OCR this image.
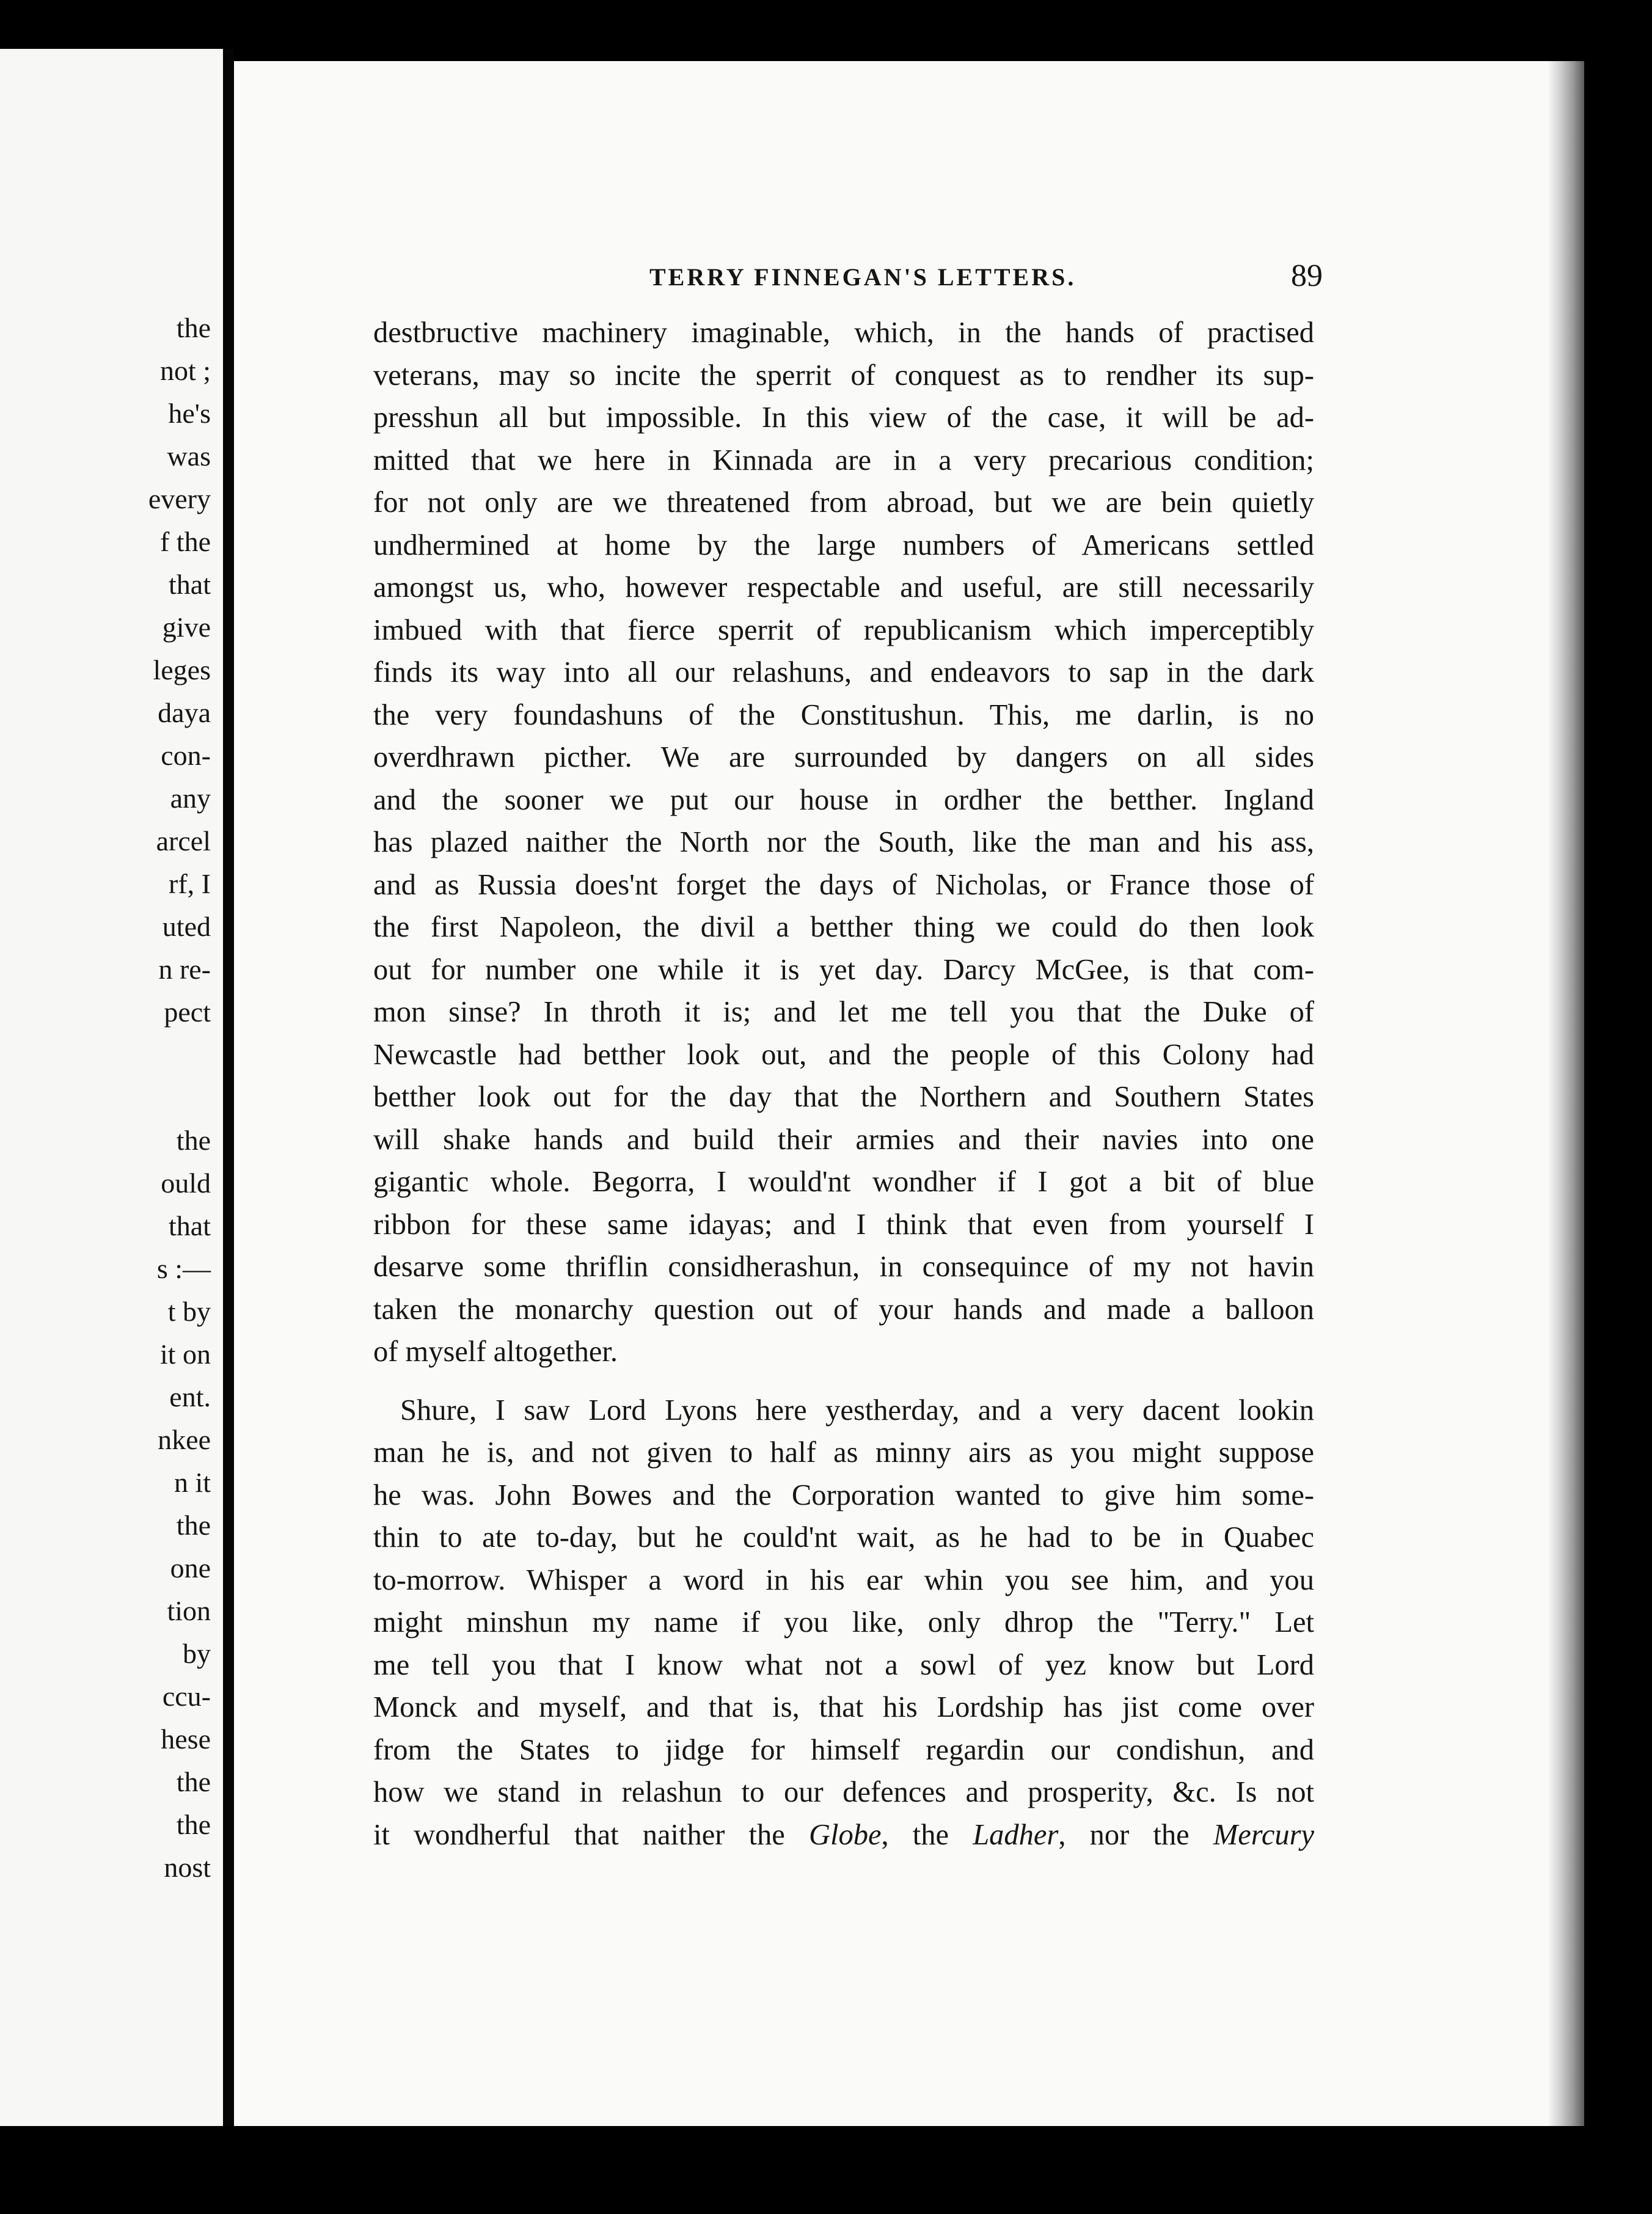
the
not ;
he's
was
every
f the
that
give
leges
daya
con-
any
arcel
rf, I
uted
n re-
pect
the
ould
that
s :—
t by
it on
ent.
nkee
n it
the
one
tion
by
ccu-
hese
the
the
nost
TERRY FINNEGAN'S LETTERS.	89

destbructive machinery imaginable, which, in the hands of practised
veterans, may so incite the sperrit of conquest as to rendher its sup-
presshun all but impossible. In this view of the case, it will be ad-
mitted that we here in Kinnada are in a very precarious condition;
for not only are we threatened from abroad, but we are bein quietly
undhermined at home by the large numbers of Americans settled
amongst us, who, however respectable and useful, are still necessarily
imbued with that fierce sperrit of republicanism which imperceptibly
finds its way into all our relashuns, and endeavors to sap in the dark
the very foundashuns of the Constitushun. This, me darlin, is no
overdhrawn picther. We are surrounded by dangers on all sides
and the sooner we put our house in ordher the betther. Ingland
has plazed naither the North nor the South, like the man and his ass,
and as Russia does'nt forget the days of Nicholas, or France those of
the first Napoleon, the divil a betther thing we could do then look
out for number one while it is yet day. Darcy McGee, is that com-
mon sinse? In throth it is; and let me tell you that the Duke of
Newcastle had betther look out, and the people of this Colony had
betther look out for the day that the Northern and Southern States
will shake hands and build their armies and their navies into one
gigantic whole. Begorra, I would'nt wondher if I got a bit of blue
ribbon for these same idayas; and I think that even from yourself I
desarve some thriflin considherashun, in consequince of my not havin
taken the monarchy question out of your hands and made a balloon
of myself altogether.

Shure, I saw Lord Lyons here yestherday, and a very dacent lookin
man he is, and not given to half as minny airs as you might suppose
he was. John Bowes and the Corporation wanted to give him some-
thin to ate to-day, but he could'nt wait, as he had to be in Quabec
to-morrow. Whisper a word in his ear whin you see him, and you
might minshun my name if you like, only dhrop the "Terry." Let
me tell you that I know what not a sowl of yez know but Lord
Monck and myself, and that is, that his Lordship has jist come over
from the States to jidge for himself regardin our condishun, and
how we stand in relashun to our defences and prosperity, &c. Is not
it wondherful that naither the Globe, the Ladher, nor the Mercury
